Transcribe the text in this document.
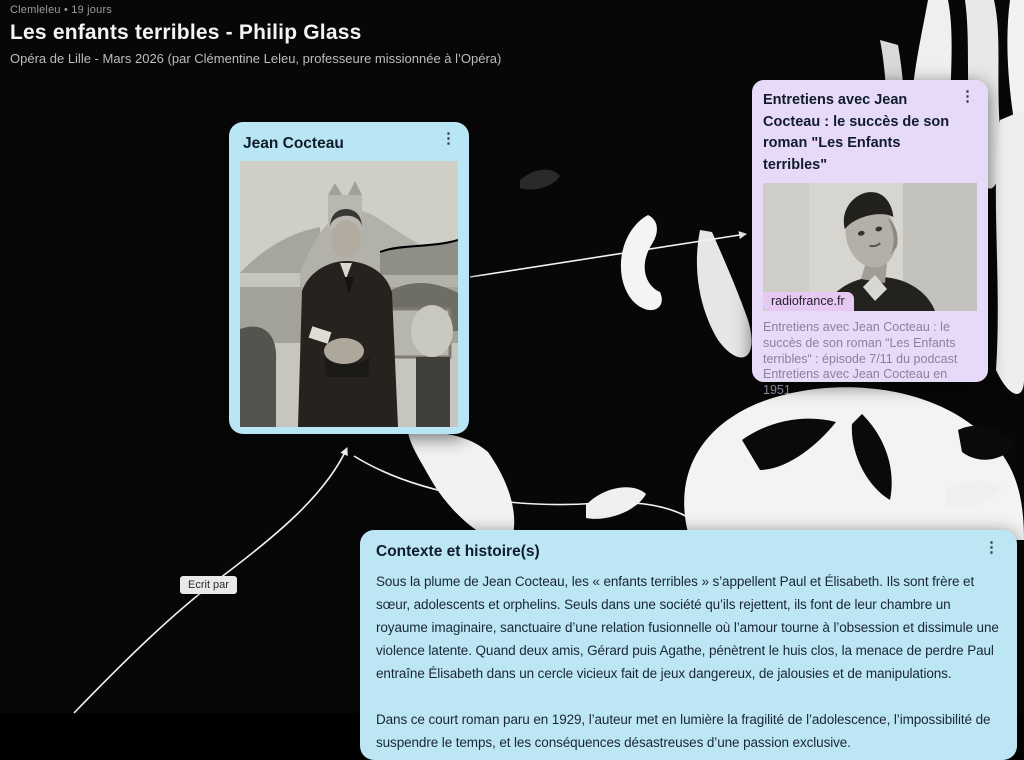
Clemleleu • 19 jours
Les enfants terribles - Philip Glass
Opéra de Lille - Mars 2026 (par Clémentine Leleu, professeure missionnée à l’Opéra)
Jean Cocteau	⋮
Entretiens avec Jean Cocteau : le succès de son roman "Les Enfants terribles"
⋮
radiofrance.fr
Entretiens avec Jean Cocteau : le succès de son roman “Les Enfants terribles“ : épisode 7/11 du podcast Entretiens avec Jean Cocteau en 1951
Contexte et histoire(s)	⋮

Sous la plume de Jean Cocteau, les « enfants terribles » s’appellent Paul et Élisabeth. Ils sont frère et sœur, adolescents et orphelins. Seuls dans une société qu’ils rejettent, ils font de leur chambre un royaume imaginaire, sanctuaire d’une relation fusionnelle où l’amour tourne à l’obsession et dissimule une violence latente. Quand deux amis, Gérard puis Agathe, pénètrent le huis clos, la menace de perdre Paul entraîne Élisabeth dans un cercle vicieux fait de jeux dangereux, de jalousies et de manipulations.

Dans ce court roman paru en 1929, l’auteur met en lumière la fragilité de l’adolescence, l’impossibilité de suspendre le temps, et les conséquences désastreuses d’une passion exclusive.

Ecrit par
